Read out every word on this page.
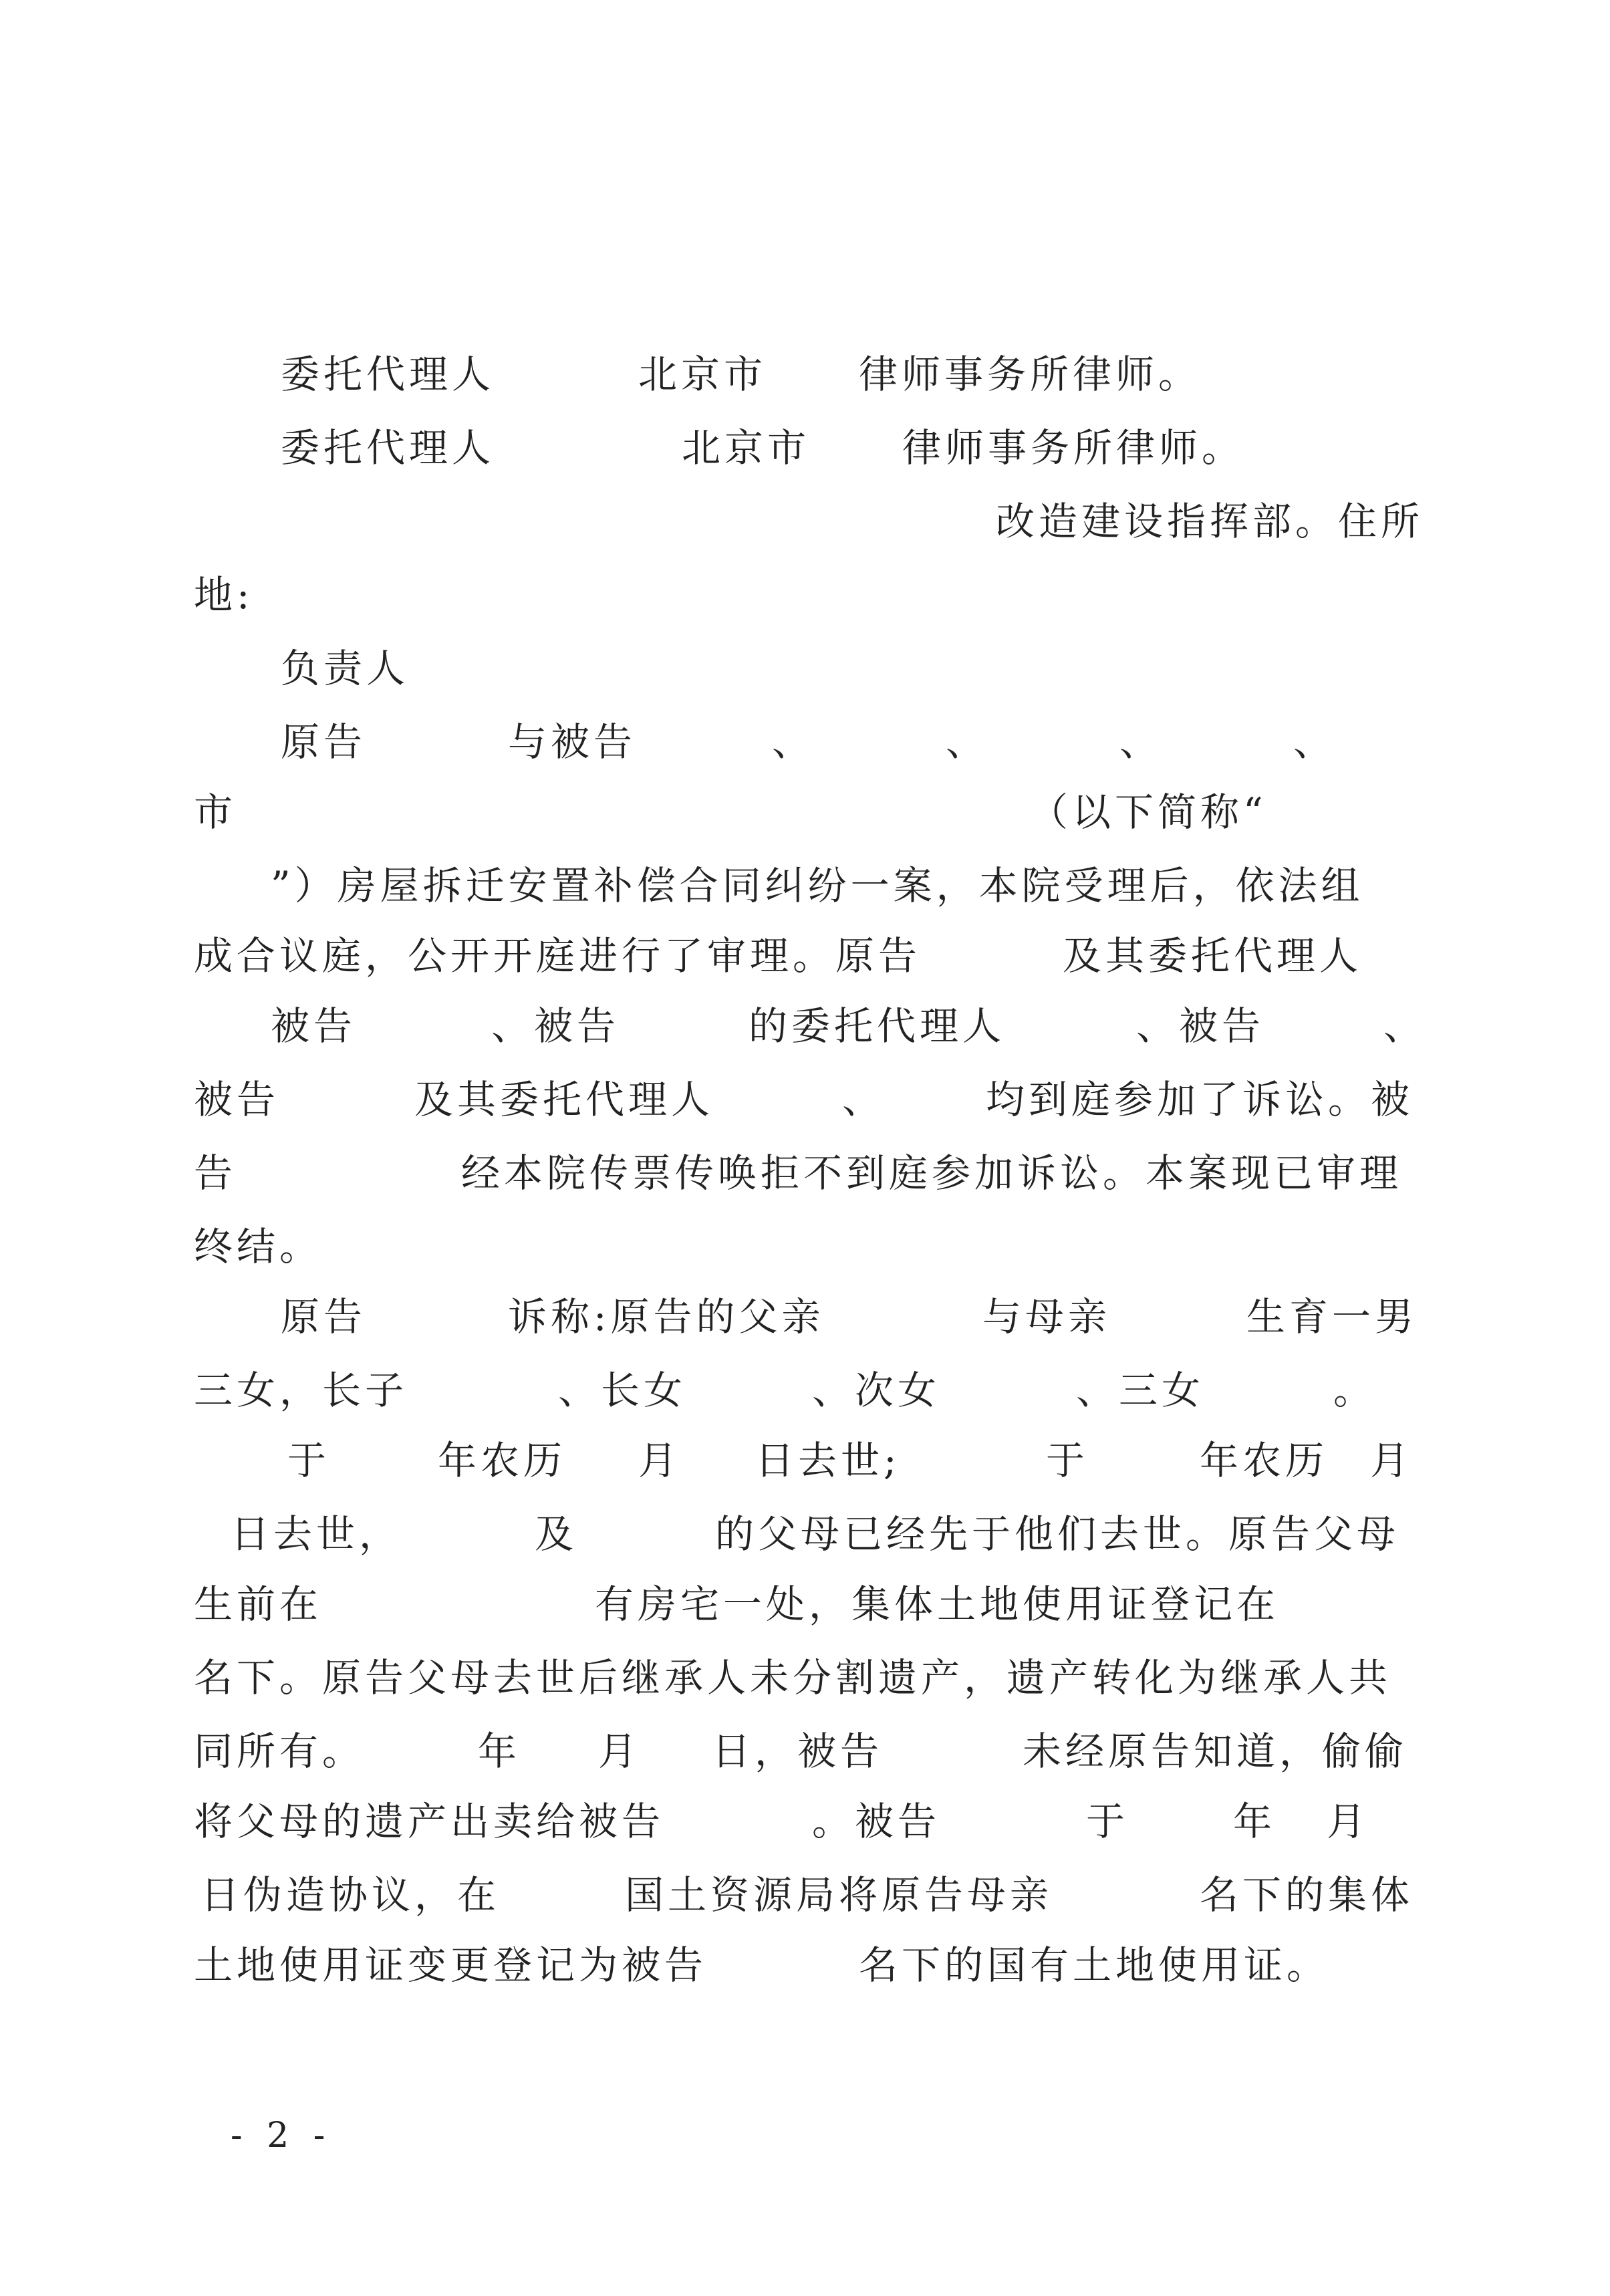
委托代理人	北京市 律师事务所律师。
委托代理人	北京市 律师事务所律师。
改造建设指挥部。住所
地:
负责人
原告	与被告	、	、	、	、
市	（以下简称“
”）房屋拆迁安置补偿合同纠纷一案，本院受理后，依法组
成合议庭，公开开庭进行了审理。原告	及其委托代理人
被告	、被告	的委托代理人	、被告	、
被告	及其委托代理人	、	均到庭参加了诉讼。被
告	经本院传票传唤拒不到庭参加诉讼。本案现已审理
终结。
原告	诉称:原告的父亲	与母亲	生育一男
三女，长子	、长女	、次女	、三女	。
于	年农历 月 日去世;	于	年农历 月
日去世，	及	的父母已经先于他们去世。原告父母
生前在	有房宅一处，集体土地使用证登记在
名下。原告父母去世后继承人未分割遗产，遗产转化为继承人共
同所有。	年 月 日，被告	未经原告知道，偷偷
将父母的遗产出卖给被告	。被告	于	年 月
日伪造协议，在	国土资源局将原告母亲	名下的集体
土地使用证变更登记为被告	名下的国有土地使用证。
- 2 -
